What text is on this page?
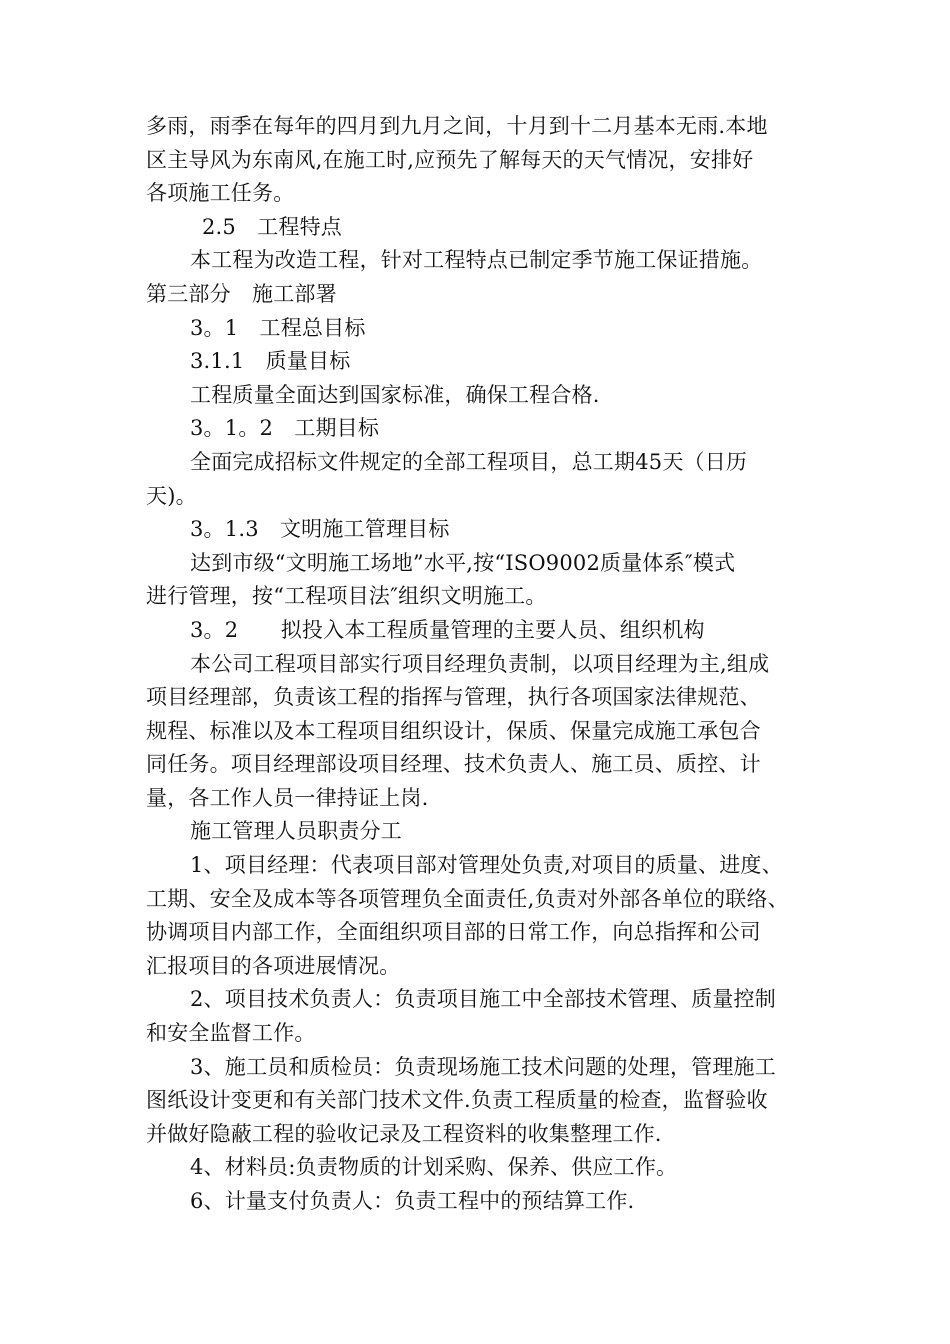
多雨，雨季在每年的四月到九月之间，十月到十二月基本无雨.本地
区主导风为东南风,在施工时,应预先了解每天的天气情况，安排好
各项施工任务。
2.5　工程特点
本工程为改造工程，针对工程特点已制定季节施工保证措施。
第三部分　施工部署
3。1　工程总目标
3.1.1　质量目标
工程质量全面达到国家标准，确保工程合格.
3。1。2　工期目标
全面完成招标文件规定的全部工程项目，总工期45天（日历
天)。
3。1.3　文明施工管理目标
达到市级“文明施工场地”水平,按“ISO9002质量体系″模式
进行管理，按“工程项目法″组织文明施工。
3。2　　拟投入本工程质量管理的主要人员、组织机构
本公司工程项目部实行项目经理负责制，以项目经理为主,组成
项目经理部，负责该工程的指挥与管理，执行各项国家法律规范、
规程、标准以及本工程项目组织设计，保质、保量完成施工承包合
同任务。项目经理部设项目经理、技术负责人、施工员、质控、计
量，各工作人员一律持证上岗.
施工管理人员职责分工
1、项目经理：代表项目部对管理处负责,对项目的质量、进度、
工期、安全及成本等各项管理负全面责任,负责对外部各单位的联络、
协调项目内部工作，全面组织项目部的日常工作，向总指挥和公司
汇报项目的各项进展情况。
2、项目技术负责人：负责项目施工中全部技术管理、质量控制
和安全监督工作。
3、施工员和质检员：负责现场施工技术问题的处理，管理施工
图纸设计变更和有关部门技术文件.负责工程质量的检查，监督验收
并做好隐蔽工程的验收记录及工程资料的收集整理工作.
4、材料员:负责物质的计划采购、保养、供应工作。
6、计量支付负责人：负责工程中的预结算工作.
